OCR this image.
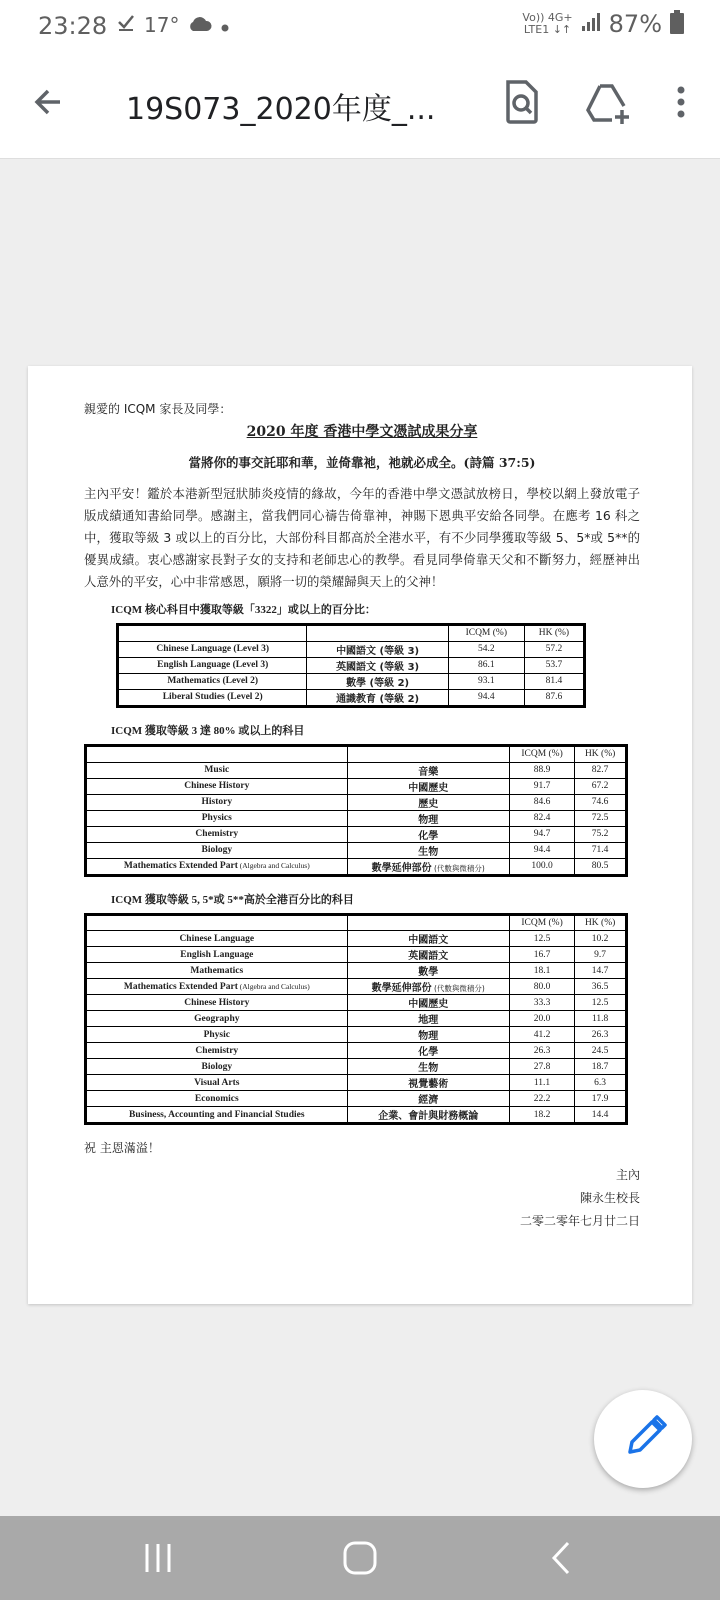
23:28 17°	Vo)) 4G+
LTE1 ↓↑ 87%
19S073_2020年度_...
親愛的 ICQM 家長及同學：
2020 年度 香港中學文憑試成果分享
當將你的事交託耶和華，並倚靠祂，祂就必成全。(詩篇 37:5)

主內平安！鑑於本港新型冠狀肺炎疫情的緣故，今年的香港中學文憑試放榜日，學校以網上發放電子版成績通知書給同學。感謝主，當我們同心禱告倚靠神，神賜下恩典平安給各同學。在應考 16 科之中，獲取等級 3 或以上的百分比，大部份科目都高於全港水平，有不少同學獲取等級 5、5*或 5**的優異成績。衷心感謝家長對子女的支持和老師忠心的教學。看見同學倚靠天父和不斷努力，經歷神出人意外的平安，心中非常感恩，願將一切的榮耀歸與天上的父神！

ICQM 核心科目中獲取等級「3322」或以上的百分比：
		ICQM (%)	HK (%)
Chinese Language (Level 3)	中國語文 (等級 3)	54.2	57.2
English Language (Level 3)	英國語文 (等級 3)	86.1	53.7
Mathematics (Level 2)	數學 (等級 2)	93.1	81.4
Liberal Studies (Level 2)	通識教育 (等級 2)	94.4	87.6
ICQM 獲取等級 3 達 80% 或以上的科目
		ICQM (%)	HK (%)
Music	音樂	88.9	82.7
Chinese History	中國歷史	91.7	67.2
History	歷史	84.6	74.6
Physics	物理	82.4	72.5
Chemistry	化學	94.7	75.2
Biology	生物	94.4	71.4
Mathematics Extended Part (Algebra and Calculus)	數學延伸部份 (代數與微積分)	100.0	80.5
ICQM 獲取等級 5, 5*或 5**高於全港百分比的科目
		ICQM (%)	HK (%)
Chinese Language	中國語文	12.5	10.2
English Language	英國語文	16.7	9.7
Mathematics	數學	18.1	14.7
Mathematics Extended Part (Algebra and Calculus)	數學延伸部份 (代數與微積分)	80.0	36.5
Chinese History	中國歷史	33.3	12.5
Geography	地理	20.0	11.8
Physic	物理	41.2	26.3
Chemistry	化學	26.3	24.5
Biology	生物	27.8	18.7
Visual Arts	視覺藝術	11.1	6.3
Economics	經濟	22.2	17.9
Business, Accounting and Financial Studies	企業、會計與財務概論	18.2	14.4
祝 主恩滿溢！
主內
陳永生校長
二零二零年七月廿二日
